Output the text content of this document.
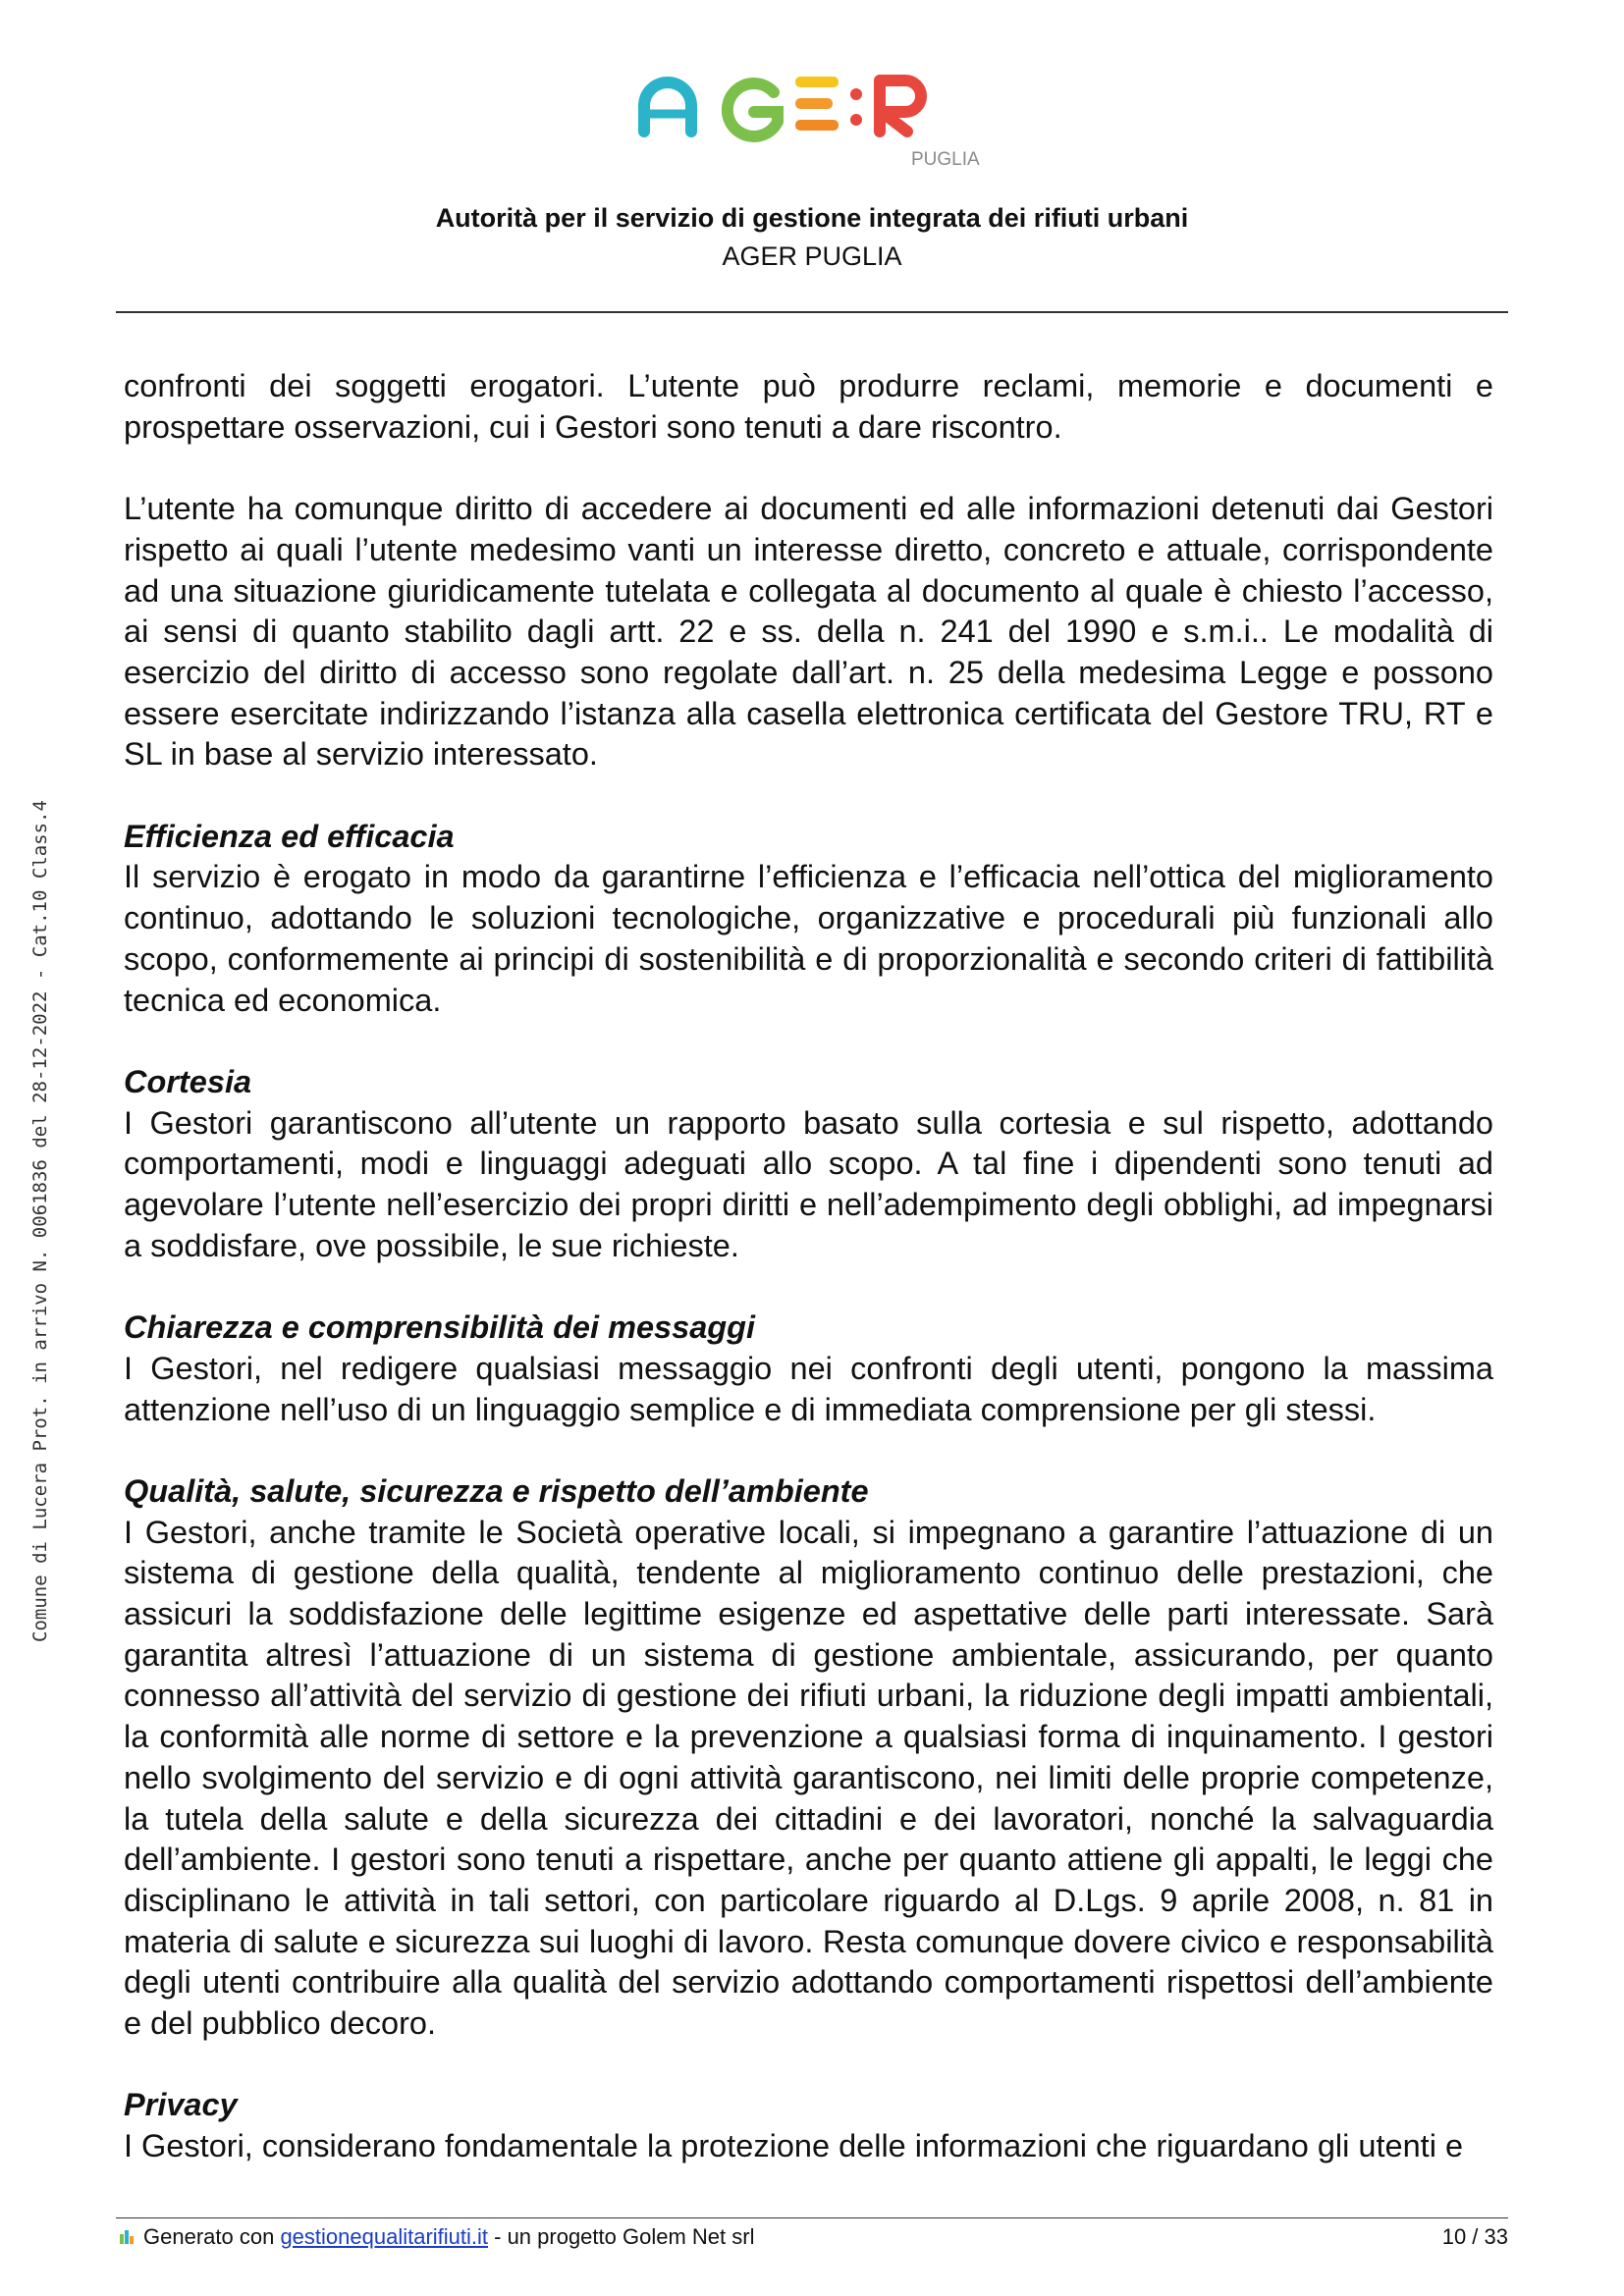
PUGLIA
Autorità per il servizio di gestione integrata dei rifiuti urbani
AGER PUGLIA
Comune di Lucera Prot. in arrivo N. 0061836 del 28-12-2022 - Cat.10 Class.4

confronti dei soggetti erogatori. L’utente può produrre reclami, memorie e documenti e prospettare osservazioni, cui i Gestori sono tenuti a dare riscontro.

L’utente ha comunque diritto di accedere ai documenti ed alle informazioni detenuti dai Gestori rispetto ai quali l’utente medesimo vanti un interesse diretto, concreto e attuale, corrispondente ad una situazione giuridicamente tutelata e collegata al documento al quale è chiesto l’accesso, ai sensi di quanto stabilito dagli artt. 22 e ss. della n. 241 del 1990 e s.m.i.. Le modalità di esercizio del diritto di accesso sono regolate dall’art. n. 25 della medesima Legge e possono essere esercitate indirizzando l’istanza alla casella elettronica certificata del Gestore TRU, RT e SL in base al servizio interessato.

Efficienza ed efficacia

Il servizio è erogato in modo da garantirne l’efficienza e l’efficacia nell’ottica del miglioramento continuo, adottando le soluzioni tecnologiche, organizzative e procedurali più funzionali allo scopo, conformemente ai principi di sostenibilità e di proporzionalità e secondo criteri di fattibilità tecnica ed economica.

Cortesia

I Gestori garantiscono all’utente un rapporto basato sulla cortesia e sul rispetto, adottando comportamenti, modi e linguaggi adeguati allo scopo. A tal fine i dipendenti sono tenuti ad agevolare l’utente nell’esercizio dei propri diritti e nell’adempimento degli obblighi, ad impegnarsi a soddisfare, ove possibile, le sue richieste.

Chiarezza e comprensibilità dei messaggi

I Gestori, nel redigere qualsiasi messaggio nei confronti degli utenti, pongono la massima attenzione nell’uso di un linguaggio semplice e di immediata comprensione per gli stessi.

Qualità, salute, sicurezza e rispetto dell’ambiente

I Gestori, anche tramite le Società operative locali, si impegnano a garantire l’attuazione di un sistema di gestione della qualità, tendente al miglioramento continuo delle prestazioni, che assicuri la soddisfazione delle legittime esigenze ed aspettative delle parti interessate. Sarà garantita altresì l’attuazione di un sistema di gestione ambientale, assicurando, per quanto connesso all’attività del servizio di gestione dei rifiuti urbani, la riduzione degli impatti ambientali, la conformità alle norme di settore e la prevenzione a qualsiasi forma di inquinamento. I gestori nello svolgimento del servizio e di ogni attività garantiscono, nei limiti delle proprie competenze, la tutela della salute e della sicurezza dei cittadini e dei lavoratori, nonché la salvaguardia dell’ambiente. I gestori sono tenuti a rispettare, anche per quanto attiene gli appalti, le leggi che disciplinano le attività in tali settori, con particolare riguardo al D.Lgs. 9 aprile 2008, n. 81 in materia di salute e sicurezza sui luoghi di lavoro. Resta comunque dovere civico e responsabilità degli utenti contribuire alla qualità del servizio adottando comportamenti rispettosi dell’ambiente e del pubblico decoro.

Privacy

I Gestori, considerano fondamentale la protezione delle informazioni che riguardano gli utenti e

Generato con gestionequalitarifiuti.it - un progetto Golem Net srl	10 / 33
